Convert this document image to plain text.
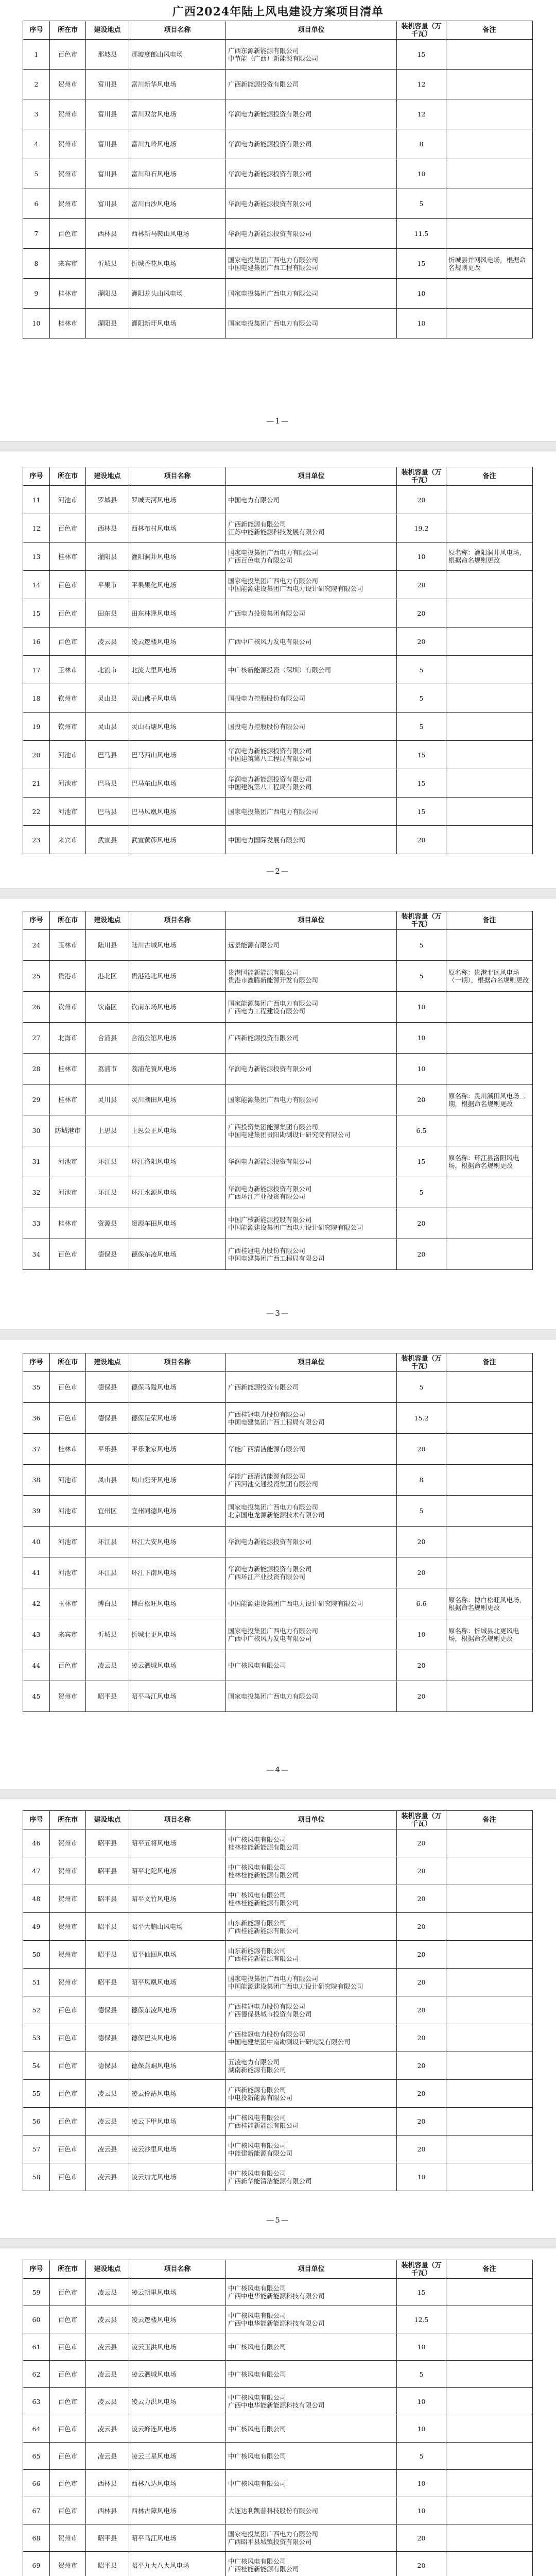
广西2024年陆上风电建设方案项目清单
序号	所在市	建设地点	项目名称	项目单位	装机容量（万千瓦）	备注
1	百色市	那坡县	那坡度郎山风电场	广西东源新能源有限公司
中节能（广西）新能源有限公司	15	
2	贺州市	富川县	富川新华风电场	广西新能源投资有限公司	12	
3	贺州市	富川县	富川双岔风电场	华润电力新能源投资有限公司	12	
4	贺州市	富川县	富川九岭风电场	华润电力新能源投资有限公司	8	
5	贺州市	富川县	富川和石风电场	华润电力新能源投资有限公司	10	
6	贺州市	富川县	富川白沙风电场	华润电力新能源投资有限公司	5	
7	百色市	西林县	西林新马鞍山风电场	华润电力新能源投资有限公司	11.5	
8	来宾市	忻城县	忻城香花风电场	国家电投集团广西电力有限公司
中国电建集团广西工程有限公司	15	忻城县并网风电场，根据命名规则更改
9	桂林市	灌阳县	灌阳龙头山风电场	国家电投集团广西电力有限公司	10	
10	桂林市	灌阳县	灌阳新圩风电场	国家电投集团广西电力有限公司	10	
—1—
序号	所在市	建设地点	项目名称	项目单位	装机容量（万千瓦）	备注
11	河池市	罗城县	罗城天河风电场	中国电力有限公司	20	
12	百色市	西林县	西林布村风电场	广西新能源有限公司
江苏中能新能源科技发展有限公司	19.2	
13	桂林市	灌阳县	灌阳洞井风电场	国家电投集团广西电力有限公司
广西百色电力有限公司	10	原名称：灌阳洞井风电场，根据命名规则更改
14	百色市	平果市	平果果化风电场	国家电投集团广西电力有限公司
中国能源建设集团广西电力设计研究院有限公司	20	
15	百色市	田东县	田东林逢风电场	广西电力投资集团有限公司	20	
16	百色市	凌云县	凌云逻楼风电场	广西中广核风力发电有限公司	20	
17	玉林市	北流市	北流大里风电场	中广核新能源投资（深圳）有限公司	5	
18	钦州市	灵山县	灵山佛子风电场	国投电力控股股份有限公司	5	
19	钦州市	灵山县	灵山石塘风电场	国投电力控股股份有限公司	5	
20	河池市	巴马县	巴马西山风电场	华润电力新能源投资有限公司
中国建筑第八工程局有限公司	15	
21	河池市	巴马县	巴马东山风电场	华润电力新能源投资有限公司
中国建筑第八工程局有限公司	15	
22	河池市	巴马县	巴马凤凰风电场	国家电投集团广西电力有限公司	15	
23	来宾市	武宣县	武宣黄茆风电场	中国电力国际发展有限公司	20	
—2—
序号	所在市	建设地点	项目名称	项目单位	装机容量（万千瓦）	备注
24	玉林市	陆川县	陆川古城风电场	远景能源有限公司	5	
25	贵港市	港北区	贵港港北风电场	贵港国能新能源有限公司
贵港市鑫腾新能源开发有限公司	5	原名称：贵港北区风电场（一期），根据命名规则更改
26	钦州市	钦南区	钦南东场风电场	国家能源集团广西电力有限公司
广西电力工程建设有限公司	10	
27	北海市	合浦县	合浦公馆风电场	广西新能源投资有限公司	10	
28	桂林市	荔浦市	荔浦花篢风电场	华润电力新能源投资有限公司	10	
29	桂林市	灵川县	灵川潮田风电场	国家能源集团广西电力有限公司	20	原名称：灵川潮田风电场二期，根据命名规则更改
30	防城港市	上思县	上思公正风电场	广西投资集团能源集团有限公司
中国电建集团贵阳勘测设计研究院有限公司	6.5	
31	河池市	环江县	环江洛阳风电场	华润电力新能源投资有限公司	15	原名称：环江县洛阳风电场，根据命名规则更改
32	河池市	环江县	环江水源风电场	华润电力新能源投资有限公司
广西环江产业投资有限公司	5	
33	桂林市	资源县	资源车田风电场	中国广核新能源控股有限公司
中国能源建设集团广西电力设计研究院有限公司	20	
34	百色市	德保县	德保东凌风电场	广西桂冠电力股份有限公司
中国电建集团广西工程局有限公司	20	
—3—
序号	所在市	建设地点	项目名称	项目单位	装机容量（万千瓦）	备注
35	百色市	德保县	德保马隘风电场	广西新能源投资有限公司	5	
36	百色市	德保县	德保足荣风电场	广西桂冠电力股份有限公司
中国电建集团广西工程局有限公司	15.2	
37	桂林市	平乐县	平乐张家风电场	华能广西清洁能源有限公司	20	
38	河池市	凤山县	凤山砦牙风电场	华能广西清洁能源有限公司
广西河池交通投资集团有限公司	8	
39	河池市	宜州区	宜州同德风电场	国家电投集团广西电力有限公司
北京国电龙源新能源技术有限公司	5	
40	河池市	环江县	环江大安风电场	华润电力新能源投资有限公司	20	
41	河池市	环江县	环江下南风电场	华润电力新能源投资有限公司
广西环江产业投资有限公司	20	
42	玉林市	博白县	博白松旺风电场	中国能源建设集团广西电力设计研究院有限公司	6.6	原名称：博白松旺风电场，根据命名规则更改
43	来宾市	忻城县	忻城北更风电场	国家电投集团广西电力有限公司
广西中广核风力发电有限公司	10	原名称：忻城县北更风电场，根据命名规则更改
44	百色市	凌云县	凌云泗城风电场	中广核风电有限公司	20	
45	贺州市	昭平县	昭平马江风电场	国家电投集团广西电力有限公司	20	
—4—
序号	所在市	建设地点	项目名称	项目单位	装机容量（万千瓦）	备注
46	贺州市	昭平县	昭平五将风电场	中广核风电有限公司
桂林桂能新能源有限公司	20	
47	贺州市	昭平县	昭平北陀风电场	中广核风电有限公司
桂林桂能新能源有限公司	20	
48	贺州市	昭平县	昭平文竹风电场	中广核风电有限公司
桂林桂能新能源有限公司	20	
49	贺州市	昭平县	昭平大脑山风电场	山东新能源有限公司
广西桂能新能源有限公司	20	
50	贺州市	昭平县	昭平仙回风电场	山东新能源有限公司
广西桂能新能源有限公司	20	
51	贺州市	昭平县	昭平凤凰风电场	国家电投集团广西电力有限公司
中国能源建设集团广西电力设计研究院有限公司	20	
52	百色市	德保县	德保东凌风电场	广西桂冠电力股份有限公司
广西德保县城市投资有限公司	20	
53	百色市	德保县	德保巴头风电场	广西桂冠电力股份有限公司
中国电建集团中南勘测设计研究院有限公司	20	
54	百色市	德保县	德保燕峒风电场	五凌电力有限公司
湖南新能源有限公司	20	
55	百色市	凌云县	凌云伶站风电场	广西新能源有限公司
中电投新能源有限公司	20	
56	百色市	凌云县	凌云下甲风电场	中广核风电有限公司
广西桂能新能源有限公司	20	
57	百色市	凌云县	凌云沙里风电场	中广核风电有限公司
中能建新能源有限公司	20	
58	百色市	凌云县	凌云加尤风电场	中广核风电有限公司
广西新华能清洁能源有限公司	10	
—5—
序号	所在市	建设地点	项目名称	项目单位	装机容量（万千瓦）	备注
59	百色市	凌云县	凌云朝里风电场	中广核风电有限公司
广西中电华能新能源科技有限公司	15	
60	百色市	凌云县	凌云逻楼风电场	中广核风电有限公司
广西中电华能新能源科技有限公司	12.5	
61	百色市	凌云县	凌云玉洪风电场	中广核风电有限公司	10	
62	百色市	凌云县	凌云泗城风电场	中广核风电有限公司	5	
63	百色市	凌云县	凌云力洪风电场	中广核风电有限公司
广西中电华能新能源科技有限公司	10	
64	百色市	凌云县	凌云峰连风电场	中广核风电有限公司	10	
65	百色市	凌云县	凌云三星风电场	中广核风电有限公司	5	
66	百色市	西林县	西林八达风电场	中广核风电有限公司	10	
67	百色市	西林县	西林古障风电场	大连达利凯普科技股份有限公司	10	
68	贺州市	昭平县	昭平马江风电场	国家电投集团广西电力有限公司
广西昭平县城镇投资有限公司	20	
69	贺州市	昭平县	昭平九大八大风电场	中广核风电有限公司
广西桂能新能源有限公司	20	
